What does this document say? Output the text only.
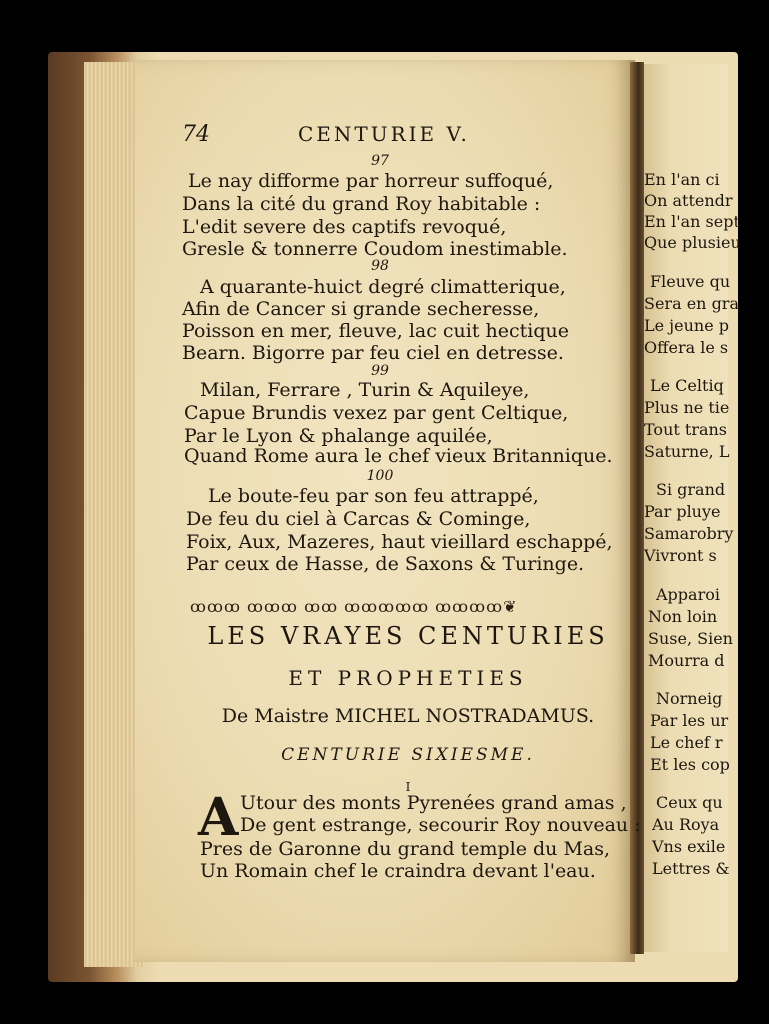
74	CENTURIE V.
97
Le nay difforme par horreur suffoqué,
Dans la cité du grand Roy habitable :
L'edit severe des captifs revoqué,
Gresle & tonnerre Coudom inestimable.
98
A quarante-huict degré climatterique,
Afin de Cancer si grande secheresse,
Poisson en mer, fleuve, lac cuit hectique
Bearn. Bigorre par feu ciel en detresse.
99
Milan, Ferrare , Turin & Aquileye,
Capue Brundis vexez par gent Celtique,
Par le Lyon & phalange aquilée,
Quand Rome aura le chef vieux Britannique.
100
Le boute-feu par son feu attrappé,
De feu du ciel à Carcas & Cominge,
Foix, Aux, Mazeres, haut vieillard eschappé,
Par ceux de Hasse, de Saxons & Turinge.
ꝏꝏꝏ ꝏꝏꝏ ꝏꝏ ꝏꝏꝏꝏꝏ ꝏꝏꝏꝏ❦
LES VRAYES CENTURIES
ET PROPHETIES
De Maistre MICHEL NOSTRADAMUS.
CENTURIE SIXIESME.
I
A Utour des monts Pyrenées grand amas ,
De gent estrange, secourir Roy nouveau :
Pres de Garonne du grand temple du Mas,
Un Romain chef le craindra devant l'eau.
En l'an ci
On attendr
En l'an sept
Que plusieu
Fleuve qu
Sera en gra
Le jeune p
Offera le s
Le Celtiq
Plus ne tie
Tout trans
Saturne, L
Si grand
Par pluye
Samarobry
Vivront s
Apparoi
Non loin
Suse, Sien
Mourra d
Norneig
Par les ur
Le chef r
Et les cop
Ceux qu
Au Roya
Vns exile
Lettres &
